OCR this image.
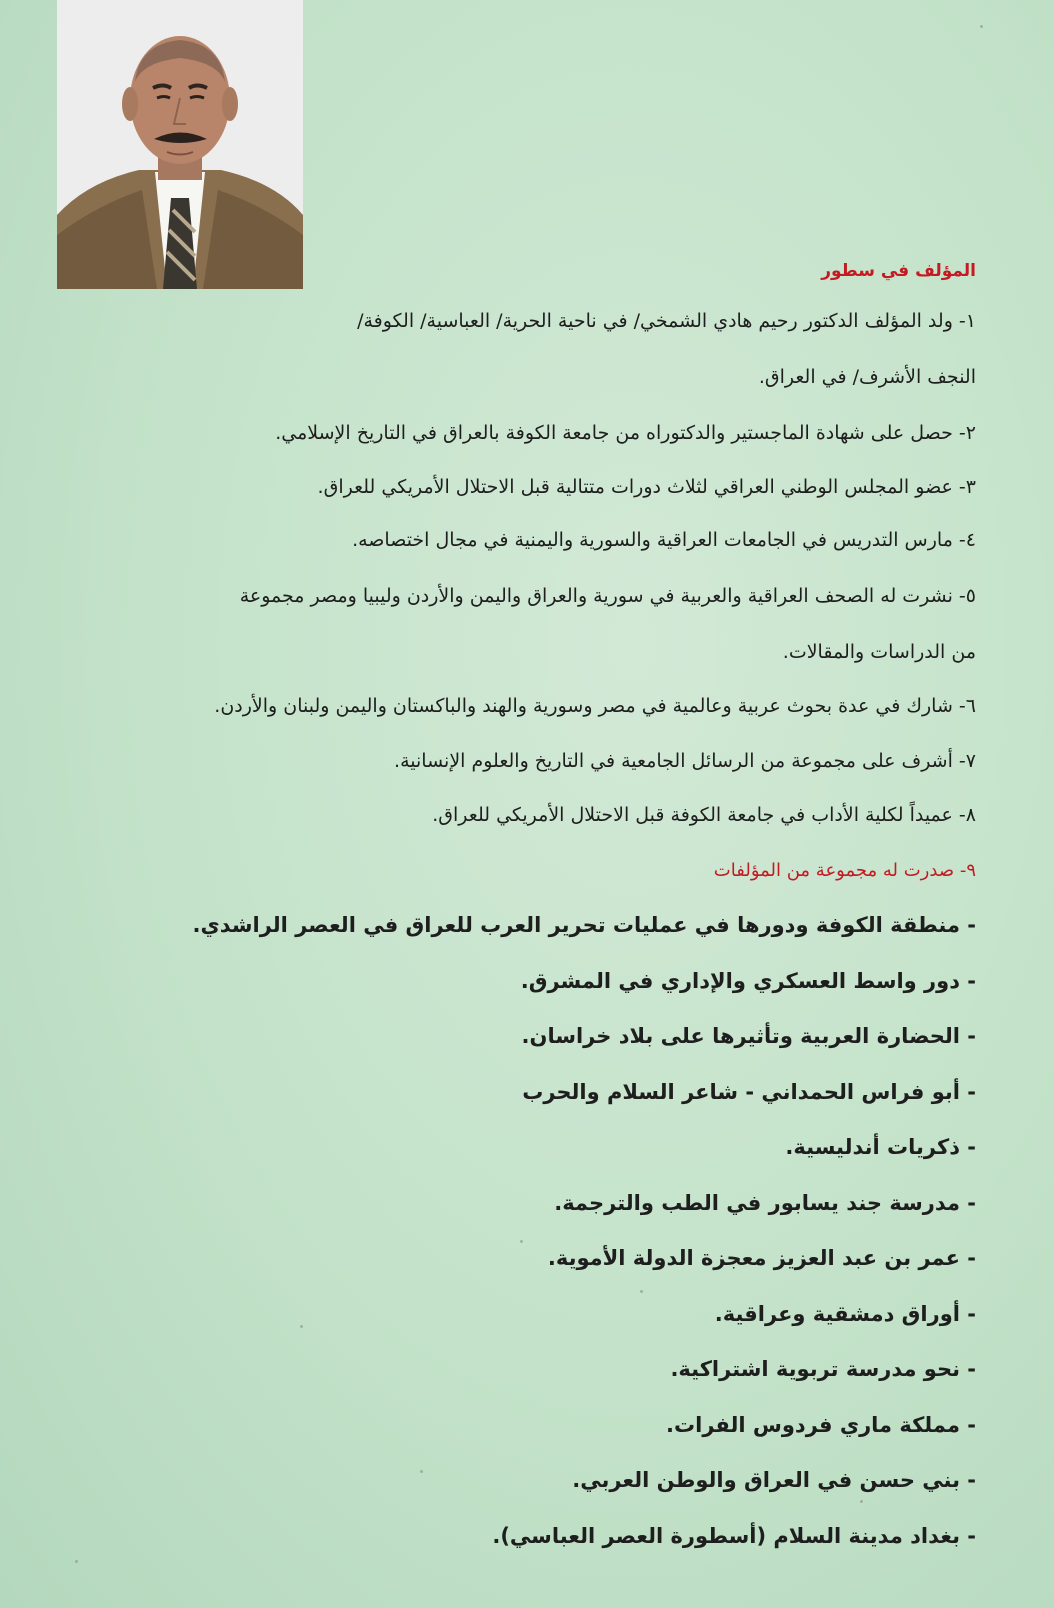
المؤلف في سطور
١- ولد المؤلف الدكتور رحيم هادي الشمخي/ في ناحية الحرية/ العباسية/ الكوفة/
النجف الأشرف/ في العراق.
٢- حصل على شهادة الماجستير والدكتوراه من جامعة الكوفة بالعراق في التاريخ الإسلامي.
٣- عضو المجلس الوطني العراقي لثلاث دورات متتالية قبل الاحتلال الأمريكي للعراق.
٤- مارس التدريس في الجامعات العراقية والسورية واليمنية في مجال اختصاصه.
٥- نشرت له الصحف العراقية والعربية في سورية والعراق واليمن والأردن وليبيا ومصر مجموعة
من الدراسات والمقالات.
٦- شارك في عدة بحوث عربية وعالمية في مصر وسورية والهند والباكستان واليمن ولبنان والأردن.
٧- أشرف على مجموعة من الرسائل الجامعية في التاريخ والعلوم الإنسانية.
٨- عميداً لكلية الأداب في جامعة الكوفة قبل الاحتلال الأمريكي للعراق.
٩- صدرت له مجموعة من المؤلفات
- منطقة الكوفة ودورها في عمليات تحرير العرب للعراق في العصر الراشدي.
- دور واسط العسكري والإداري في المشرق.
- الحضارة العربية وتأثيرها على بلاد خراسان.
- أبو فراس الحمداني - شاعر السلام والحرب
- ذكريات أندليسية.
- مدرسة جند يسابور في الطب والترجمة.
- عمر بن عبد العزيز معجزة الدولة الأموية.
- أوراق دمشقية وعراقية.
- نحو مدرسة تربوية اشتراكية.
- مملكة ماري فردوس الفرات.
- بني حسن في العراق والوطن العربي.
- بغداد مدينة السلام (أسطورة العصر العباسي).
